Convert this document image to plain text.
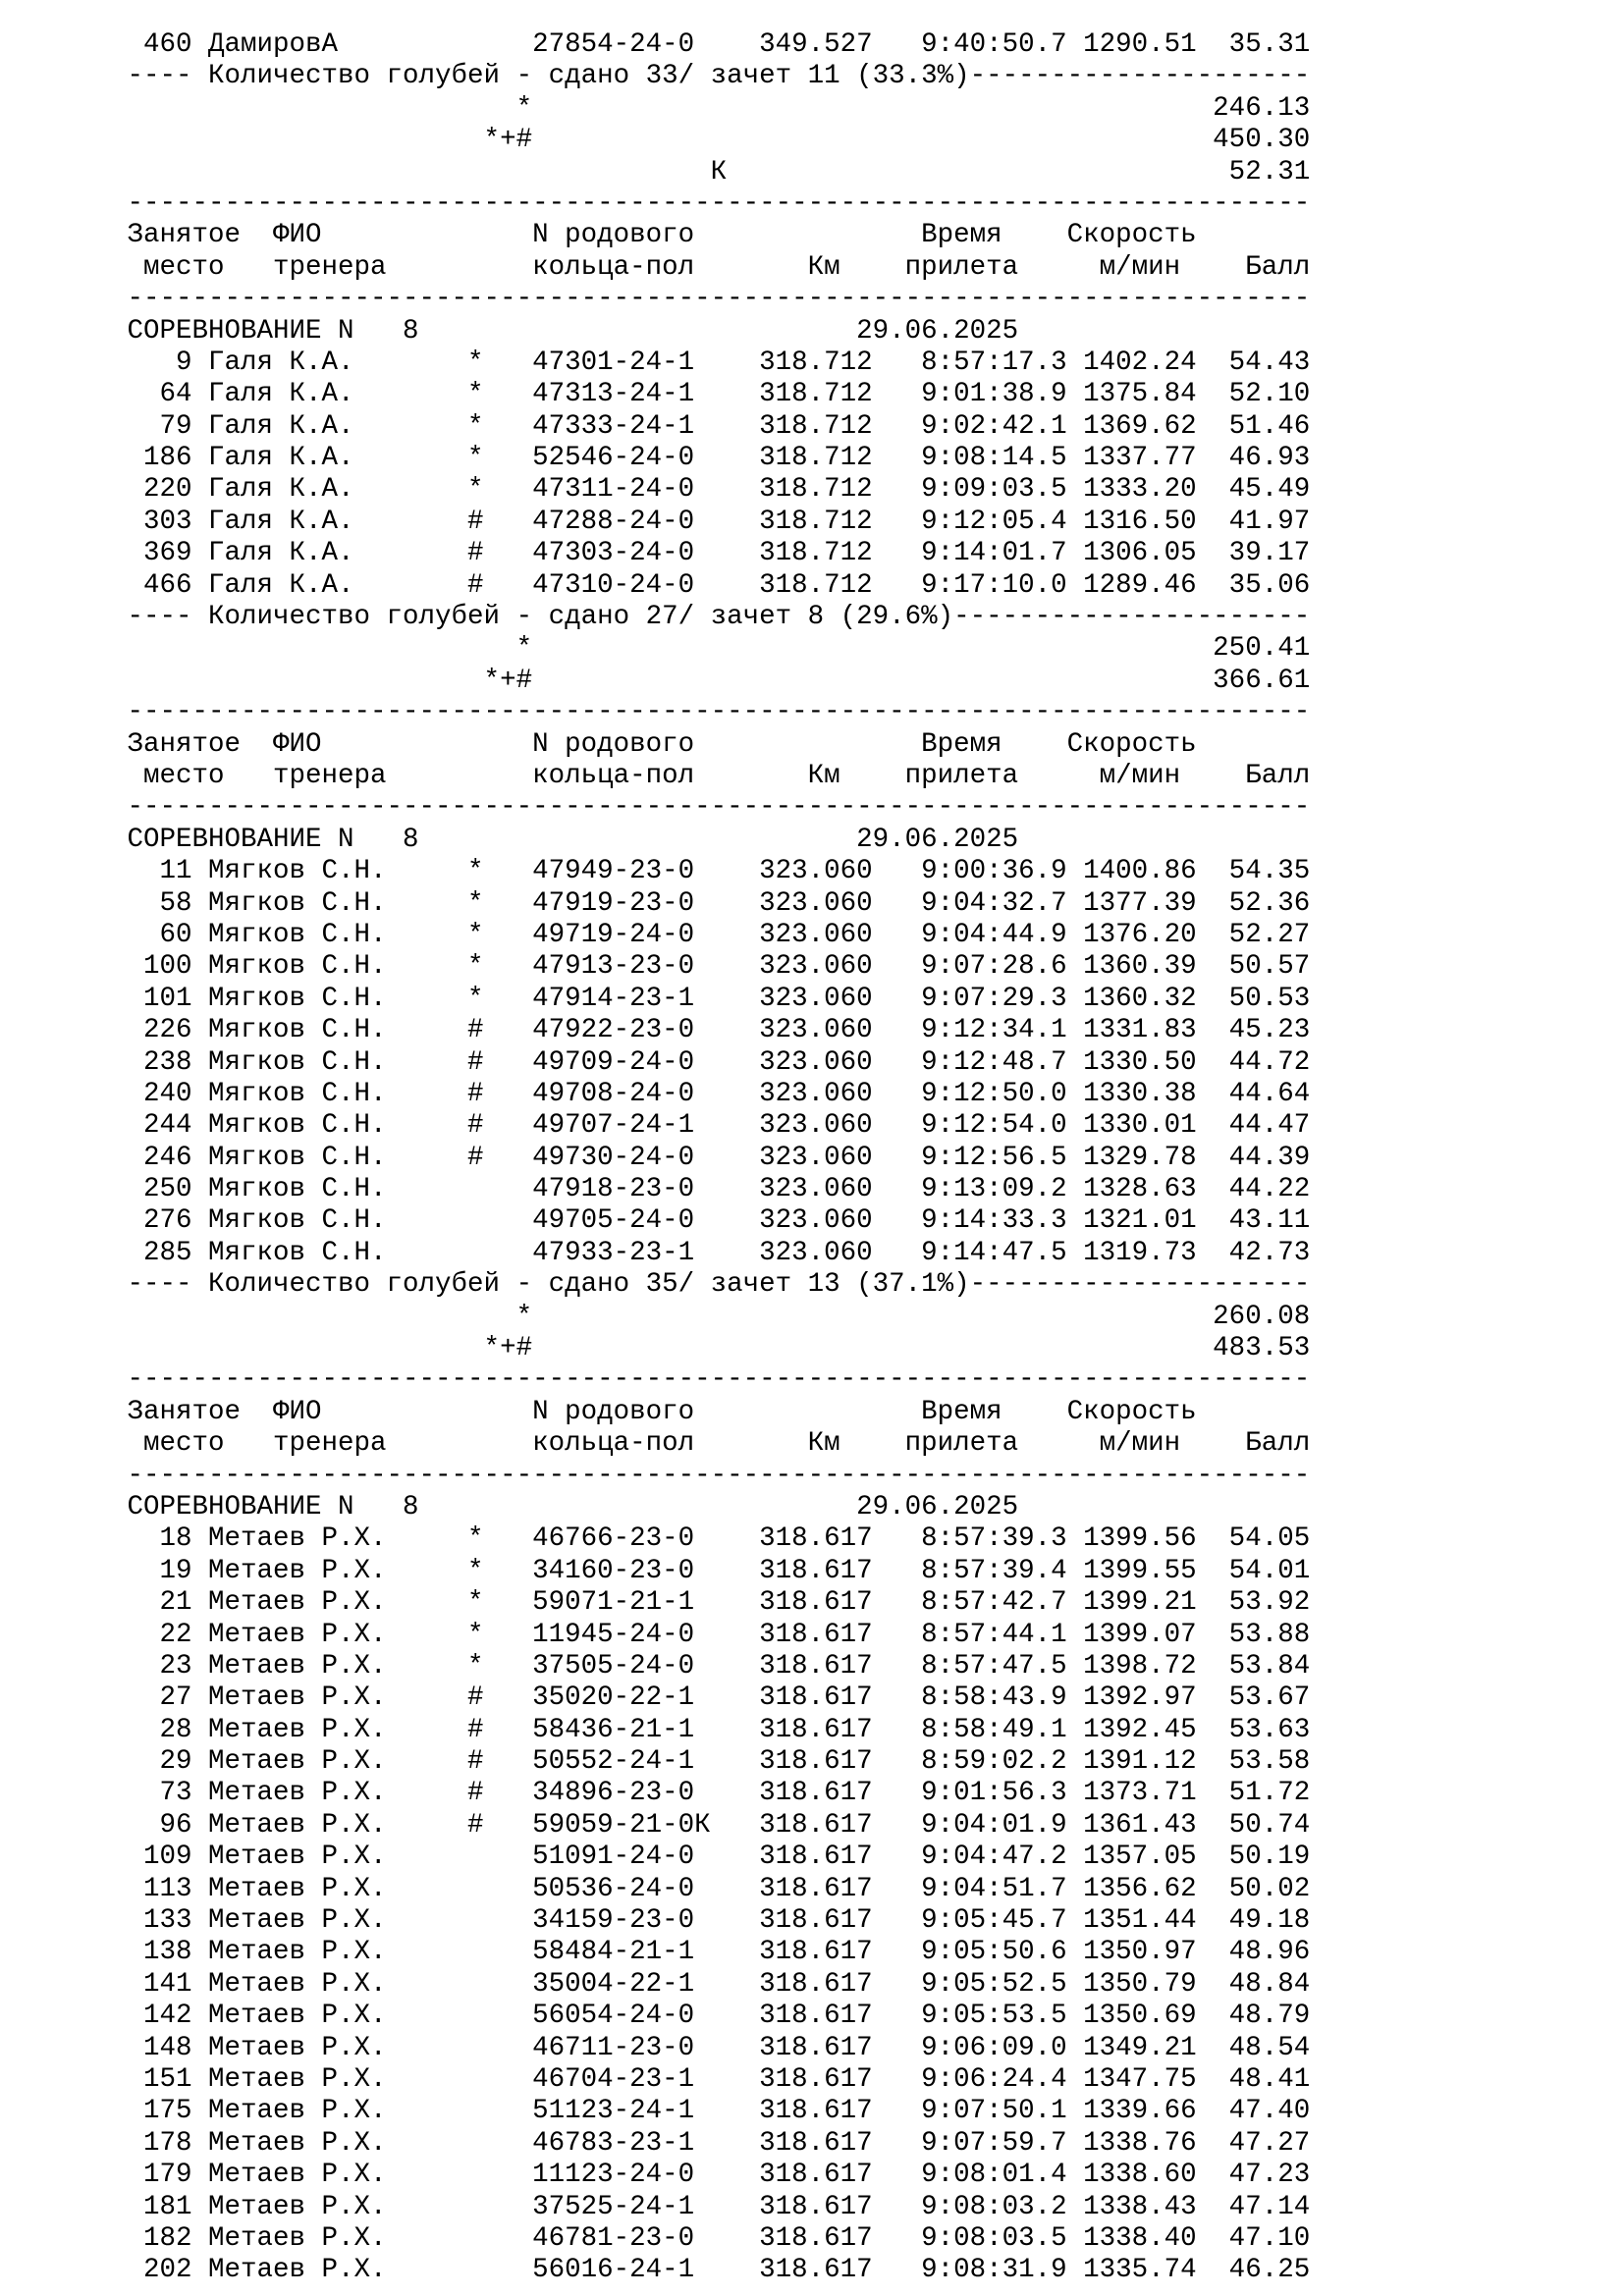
460 ДамировА            27854-24-0    349.527   9:40:50.7 1290.51  35.31
---- Количество голубей - сдано 33/ зачет 11 (33.3%)---------------------
*                                          246.13
*+#                                          450.30
К                               52.31
-------------------------------------------------------------------------
Занятое  ФИО             N родового              Время    Скорость
место   тренера         кольца-пол       Км    прилета     м/мин    Балл
-------------------------------------------------------------------------
СОРЕВНОВАНИЕ N   8                           29.06.2025
9 Галя К.А.       *   47301-24-1    318.712   8:57:17.3 1402.24  54.43
64 Галя К.А.       *   47313-24-1    318.712   9:01:38.9 1375.84  52.10
79 Галя К.А.       *   47333-24-1    318.712   9:02:42.1 1369.62  51.46
186 Галя К.А.       *   52546-24-0    318.712   9:08:14.5 1337.77  46.93
220 Галя К.А.       *   47311-24-0    318.712   9:09:03.5 1333.20  45.49
303 Галя К.А.       #   47288-24-0    318.712   9:12:05.4 1316.50  41.97
369 Галя К.А.       #   47303-24-0    318.712   9:14:01.7 1306.05  39.17
466 Галя К.А.       #   47310-24-0    318.712   9:17:10.0 1289.46  35.06
---- Количество голубей - сдано 27/ зачет 8 (29.6%)----------------------
*                                          250.41
*+#                                          366.61
-------------------------------------------------------------------------
Занятое  ФИО             N родового              Время    Скорость
место   тренера         кольца-пол       Км    прилета     м/мин    Балл
-------------------------------------------------------------------------
СОРЕВНОВАНИЕ N   8                           29.06.2025
11 Мягков С.Н.     *   47949-23-0    323.060   9:00:36.9 1400.86  54.35
58 Мягков С.Н.     *   47919-23-0    323.060   9:04:32.7 1377.39  52.36
60 Мягков С.Н.     *   49719-24-0    323.060   9:04:44.9 1376.20  52.27
100 Мягков С.Н.     *   47913-23-0    323.060   9:07:28.6 1360.39  50.57
101 Мягков С.Н.     *   47914-23-1    323.060   9:07:29.3 1360.32  50.53
226 Мягков С.Н.     #   47922-23-0    323.060   9:12:34.1 1331.83  45.23
238 Мягков С.Н.     #   49709-24-0    323.060   9:12:48.7 1330.50  44.72
240 Мягков С.Н.     #   49708-24-0    323.060   9:12:50.0 1330.38  44.64
244 Мягков С.Н.     #   49707-24-1    323.060   9:12:54.0 1330.01  44.47
246 Мягков С.Н.     #   49730-24-0    323.060   9:12:56.5 1329.78  44.39
250 Мягков С.Н.         47918-23-0    323.060   9:13:09.2 1328.63  44.22
276 Мягков С.Н.         49705-24-0    323.060   9:14:33.3 1321.01  43.11
285 Мягков С.Н.         47933-23-1    323.060   9:14:47.5 1319.73  42.73
---- Количество голубей - сдано 35/ зачет 13 (37.1%)---------------------
*                                          260.08
*+#                                          483.53
-------------------------------------------------------------------------
Занятое  ФИО             N родового              Время    Скорость
место   тренера         кольца-пол       Км    прилета     м/мин    Балл
-------------------------------------------------------------------------
СОРЕВНОВАНИЕ N   8                           29.06.2025
18 Метаев Р.Х.     *   46766-23-0    318.617   8:57:39.3 1399.56  54.05
19 Метаев Р.Х.     *   34160-23-0    318.617   8:57:39.4 1399.55  54.01
21 Метаев Р.Х.     *   59071-21-1    318.617   8:57:42.7 1399.21  53.92
22 Метаев Р.Х.     *   11945-24-0    318.617   8:57:44.1 1399.07  53.88
23 Метаев Р.Х.     *   37505-24-0    318.617   8:57:47.5 1398.72  53.84
27 Метаев Р.Х.     #   35020-22-1    318.617   8:58:43.9 1392.97  53.67
28 Метаев Р.Х.     #   58436-21-1    318.617   8:58:49.1 1392.45  53.63
29 Метаев Р.Х.     #   50552-24-1    318.617   8:59:02.2 1391.12  53.58
73 Метаев Р.Х.     #   34896-23-0    318.617   9:01:56.3 1373.71  51.72
96 Метаев Р.Х.     #   59059-21-0К   318.617   9:04:01.9 1361.43  50.74
109 Метаев Р.Х.         51091-24-0    318.617   9:04:47.2 1357.05  50.19
113 Метаев Р.Х.         50536-24-0    318.617   9:04:51.7 1356.62  50.02
133 Метаев Р.Х.         34159-23-0    318.617   9:05:45.7 1351.44  49.18
138 Метаев Р.Х.         58484-21-1    318.617   9:05:50.6 1350.97  48.96
141 Метаев Р.Х.         35004-22-1    318.617   9:05:52.5 1350.79  48.84
142 Метаев Р.Х.         56054-24-0    318.617   9:05:53.5 1350.69  48.79
148 Метаев Р.Х.         46711-23-0    318.617   9:06:09.0 1349.21  48.54
151 Метаев Р.Х.         46704-23-1    318.617   9:06:24.4 1347.75  48.41
175 Метаев Р.Х.         51123-24-1    318.617   9:07:50.1 1339.66  47.40
178 Метаев Р.Х.         46783-23-1    318.617   9:07:59.7 1338.76  47.27
179 Метаев Р.Х.         11123-24-0    318.617   9:08:01.4 1338.60  47.23
181 Метаев Р.Х.         37525-24-1    318.617   9:08:03.2 1338.43  47.14
182 Метаев Р.Х.         46781-23-0    318.617   9:08:03.5 1338.40  47.10
202 Метаев Р.Х.         56016-24-1    318.617   9:08:31.9 1335.74  46.25
